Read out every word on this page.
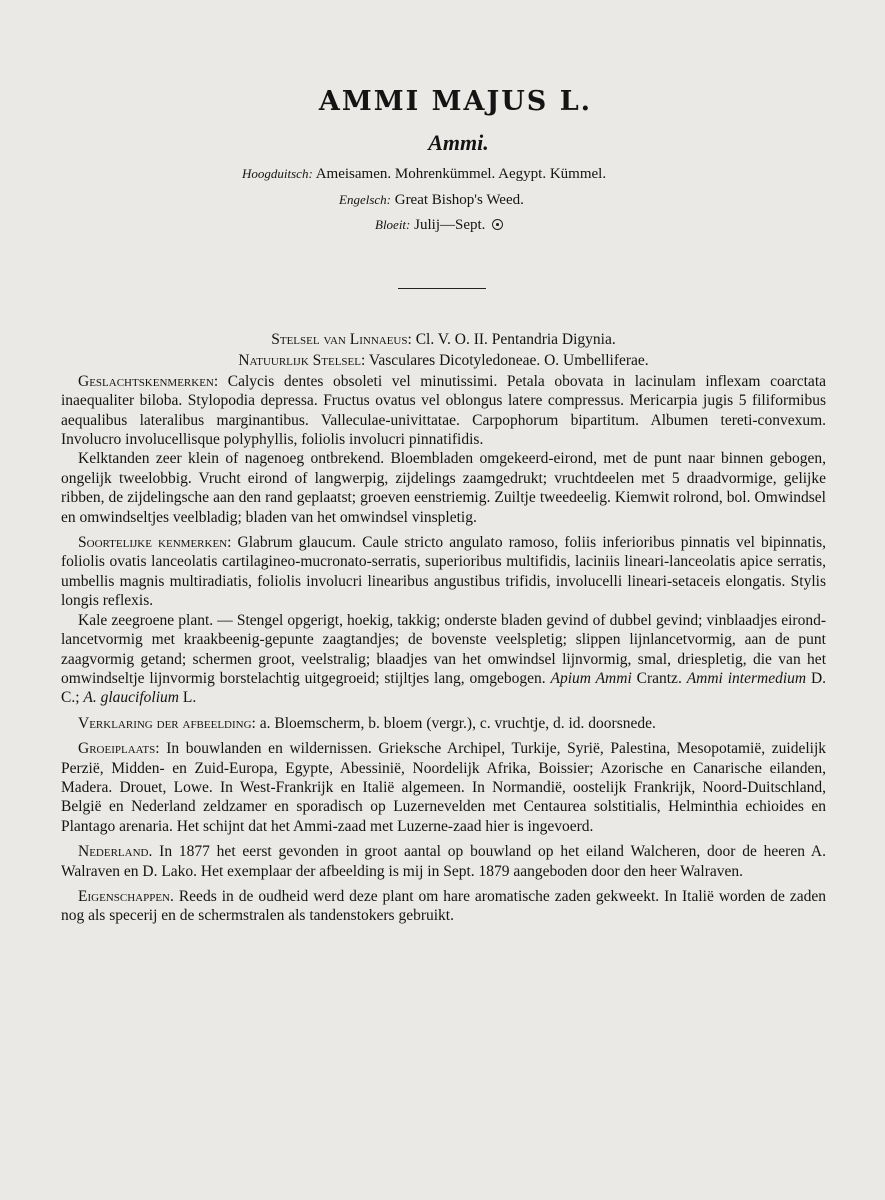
AMMI MAJUS L.
Ammi.
Hoogduitsch: Ameisamen. Mohrenkümmel. Aegypt. Kümmel.
Engelsch: Great Bishop's Weed.
Bloeit: Julij—Sept.

Stelsel van Linnaeus: Cl. V. O. II. Pentandria Digynia.

Natuurlijk Stelsel: Vasculares Dicotyledoneae. O. Umbelliferae.

Geslachtskenmerken: Calycis dentes obsoleti vel minutissimi. Petala obovata in lacinulam inflexam coarctata inaequaliter biloba. Stylopodia depressa. Fructus ovatus vel oblongus latere compressus. Mericarpia jugis 5 filiformibus aequalibus lateralibus marginantibus. Valleculae-univittatae. Carpophorum bipartitum. Albumen tereti-convexum. Involucro involucellisque polyphyllis, foliolis involucri pinnatifidis.

Kelktanden zeer klein of nagenoeg ontbrekend. Bloembladen omgekeerd-eirond, met de punt naar binnen gebogen, ongelijk tweelobbig. Vrucht eirond of langwerpig, zijdelings zaamgedrukt; vruchtdeelen met 5 draadvormige, gelijke ribben, de zijdelingsche aan den rand geplaatst; groeven eenstriemig. Zuiltje tweedeelig. Kiemwit rolrond, bol. Omwindsel en omwindseltjes veelbladig; bladen van het omwindsel vinspletig.

Soortelijke kenmerken: Glabrum glaucum. Caule stricto angulato ramoso, foliis inferioribus pinnatis vel bipinnatis, foliolis ovatis lanceolatis cartilagineo-mucronato-serratis, superioribus multifidis, laciniis lineari-lanceolatis apice serratis, umbellis magnis multiradiatis, foliolis involucri linearibus angustibus trifidis, involucelli lineari-setaceis elongatis. Stylis longis reflexis.

Kale zeegroene plant. — Stengel opgerigt, hoekig, takkig; onderste bladen gevind of dubbel gevind; vinblaadjes eirond-lancetvormig met kraakbeenig-gepunte zaagtandjes; de bovenste veelspletig; slippen lijnlancetvormig, aan de punt zaagvormig getand; schermen groot, veelstralig; blaadjes van het omwindsel lijnvormig, smal, driespletig, die van het omwindseltje lijnvormig borstelachtig uitgegroeid; stijltjes lang, omgebogen. Apium Ammi Crantz. Ammi intermedium D. C.; A. glaucifolium L.

Verklaring der afbeelding: a. Bloemscherm, b. bloem (vergr.), c. vruchtje, d. id. doorsnede.

Groeiplaats: In bouwlanden en wildernissen. Grieksche Archipel, Turkije, Syrië, Palestina, Mesopotamië, zuidelijk Perzië, Midden- en Zuid-Europa, Egypte, Abessinië, Noordelijk Afrika, Boissier; Azorische en Canarische eilanden, Madera. Drouet, Lowe. In West-Frankrijk en Italië algemeen. In Normandië, oostelijk Frankrijk, Noord-Duitschland, België en Nederland zeldzamer en sporadisch op Luzernevelden met Centaurea solstitialis, Helminthia echioides en Plantago arenaria. Het schijnt dat het Ammi-zaad met Luzerne-zaad hier is ingevoerd.

Nederland. In 1877 het eerst gevonden in groot aantal op bouwland op het eiland Walcheren, door de heeren A. Walraven en D. Lako. Het exemplaar der afbeelding is mij in Sept. 1879 aangeboden door den heer Walraven.

Eigenschappen. Reeds in de oudheid werd deze plant om hare aromatische zaden gekweekt. In Italië worden de zaden nog als specerij en de schermstralen als tandenstokers gebruikt.
